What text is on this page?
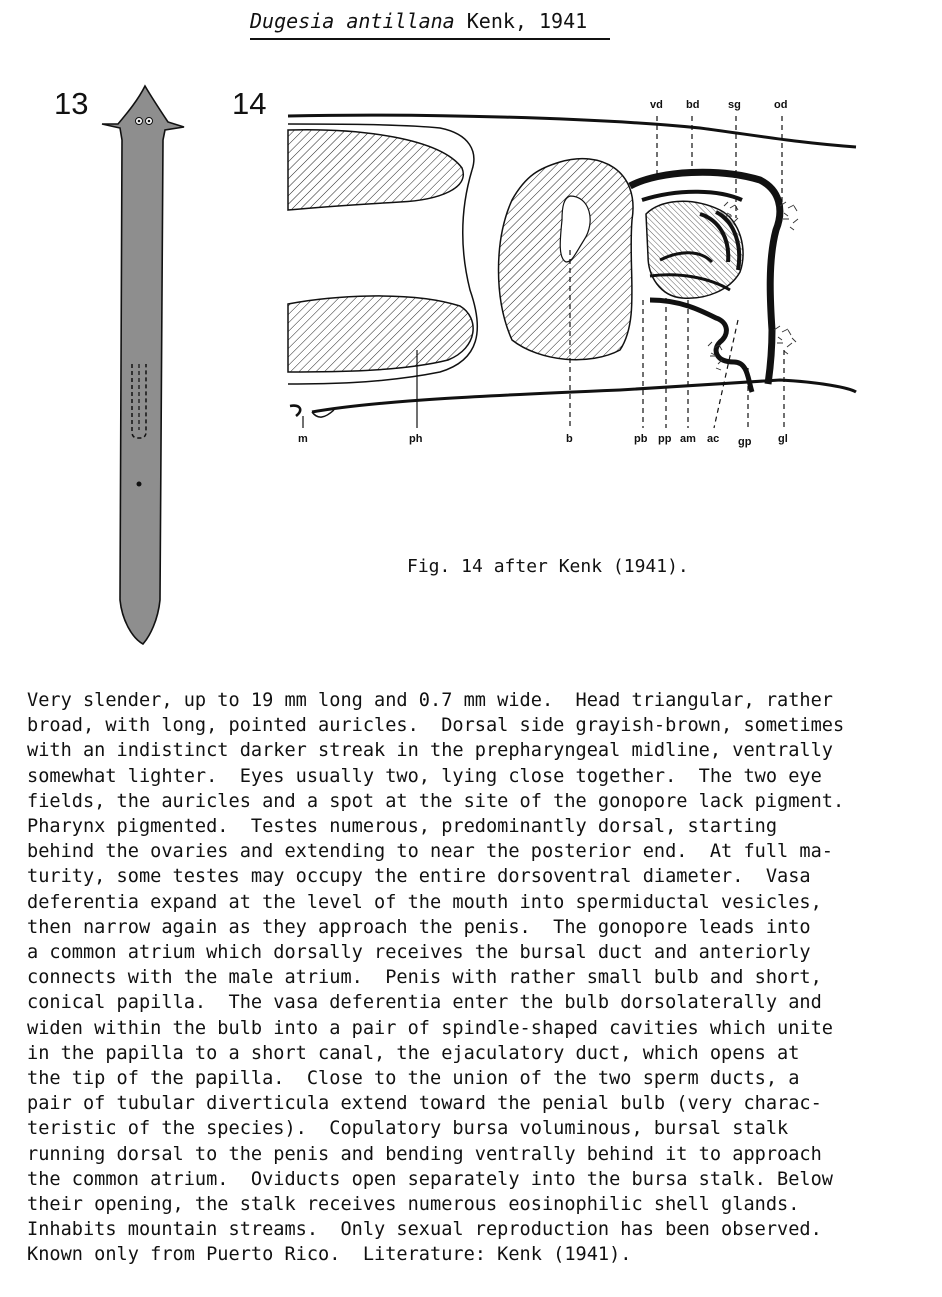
Dugesia antillana Kenk, 1941
13	14	vd bd	sg	od
m	ph	b	pb pp am ac gp gl
Fig. 14 after Kenk (1941).
Very slender, up to 19 mm long and 0.7 mm wide.  Head triangular, rather
broad, with long, pointed auricles.  Dorsal side grayish-brown, sometimes
with an indistinct darker streak in the prepharyngeal midline, ventrally
somewhat lighter.  Eyes usually two, lying close together.  The two eye
fields, the auricles and a spot at the site of the gonopore lack pigment.
Pharynx pigmented.  Testes numerous, predominantly dorsal, starting
behind the ovaries and extending to near the posterior end.  At full ma-
turity, some testes may occupy the entire dorsoventral diameter.  Vasa
deferentia expand at the level of the mouth into spermiductal vesicles,
then narrow again as they approach the penis.  The gonopore leads into
a common atrium which dorsally receives the bursal duct and anteriorly
connects with the male atrium.  Penis with rather small bulb and short,
conical papilla.  The vasa deferentia enter the bulb dorsolaterally and
widen within the bulb into a pair of spindle-shaped cavities which unite
in the papilla to a short canal, the ejaculatory duct, which opens at
the tip of the papilla.  Close to the union of the two sperm ducts, a
pair of tubular diverticula extend toward the penial bulb (very charac-
teristic of the species).  Copulatory bursa voluminous, bursal stalk
running dorsal to the penis and bending ventrally behind it to approach
the common atrium.  Oviducts open separately into the bursa stalk. Below
their opening, the stalk receives numerous eosinophilic shell glands.
Inhabits mountain streams.  Only sexual reproduction has been observed.
Known only from Puerto Rico.  Literature: Kenk (1941).
